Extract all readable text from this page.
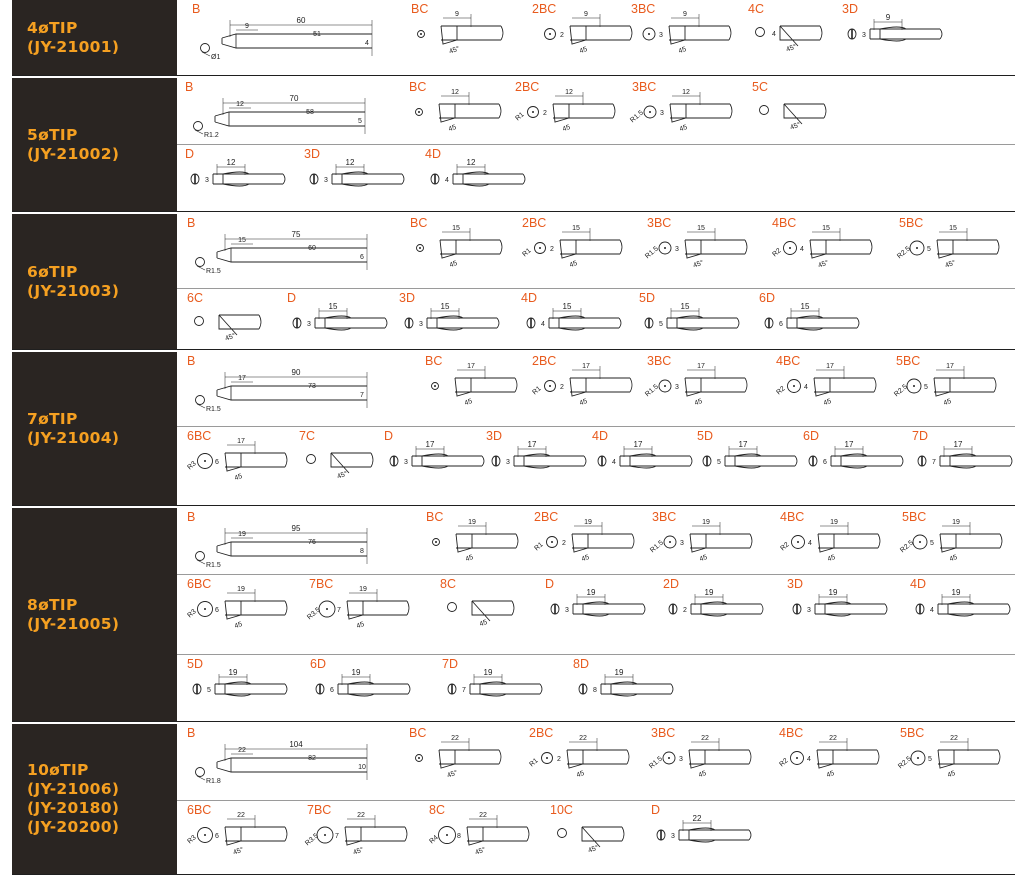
4øTIP
(JY-21001)
B
60
9
51
4
Ø1
BC	9
45°
2BC
2
9
45
3BC
3
9
45
4C
4
45°
3D
3
9
5øTIP
(JY-21002)
B
70
12
58
5
R1.2
BC	12
45
2BC
R1 2
12
45
3BC
R1.5 3
12
45
5C
45°
D
3
12
3D
3
12
4D
4
12
6øTIP
(JY-21003)
B
75
15
60
6
R1.5
BC	15
45
2BC
R1 2
15
45
3BC
R1.5 3
15
45°
4BC
R2 4
15
45°
5BC
R2.5 5
15
45°
6C
45°
D
3
15
3D
3
15
4D
4
15
5D
5
15
6D
6
15
7øTIP
(JY-21004)
B
90
17
73
7
R1.5
BC	17
45
2BC
R1 2
17
45
3BC
R1.5 3
17
45
4BC
R2 4
17
45
5BC
R2.5 5
17
45
6BC
R3 6
17
45
7C
45°
D
3
17
3D
3
17
4D
4
17
5D
5
17
6D
6
17
7D
7
17
8øTIP
(JY-21005)
B
95
19
76
8
R1.5
BC	19
45
2BC
R1 2
19
45
3BC
R1.5 3
19
45
4BC
R2 4
19
45
5BC
R2.5 5
19
45
6BC
R3 6
19
45
7BC
R3.5 7
19
45
8C
45
D
3
19
2D
2
19
3D
3
19
4D
4
19
5D
5
19
6D
6
19
7D
7
19
8D
8
19
10øTIP
(JY-21006)
(JY-20180)
(JY-20200)
B
104
22
82
10
R1.8
BC	22
45°
2BC
R1 2
22
45
3BC
R1.5 3
22
45
4BC
R2 4
22
45
5BC
R2.5 5
22
45
6BC
R3 6
22
45°
7BC
R3.5 7
22
45°
8C
R4 8
22
45°
10C
45°
D
3
22
